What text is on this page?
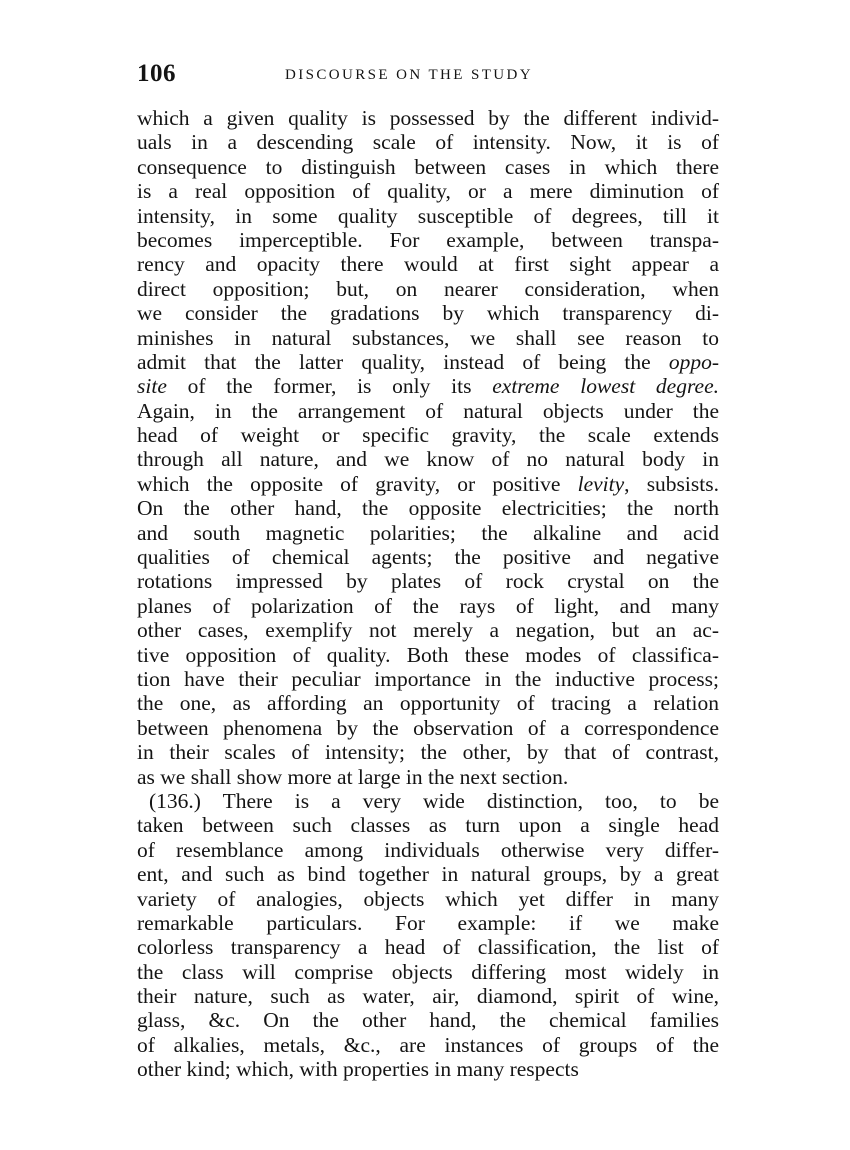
106	DISCOURSE ON THE STUDY
which a given quality is possessed by the different individ-
uals in a descending scale of intensity. Now, it is of
consequence to distinguish between cases in which there
is a real opposition of quality, or a mere diminution of
intensity, in some quality susceptible of degrees, till it
becomes imperceptible. For example, between transpa-
rency and opacity there would at first sight appear a
direct opposition; but, on nearer consideration, when
we consider the gradations by which transparency di-
minishes in natural substances, we shall see reason to
admit that the latter quality, instead of being the oppo-
site of the former, is only its extreme lowest degree.
Again, in the arrangement of natural objects under the
head of weight or specific gravity, the scale extends
through all nature, and we know of no natural body in
which the opposite of gravity, or positive levity, subsists.
On the other hand, the opposite electricities; the north
and south magnetic polarities; the alkaline and acid
qualities of chemical agents; the positive and negative
rotations impressed by plates of rock crystal on the
planes of polarization of the rays of light, and many
other cases, exemplify not merely a negation, but an ac-
tive opposition of quality. Both these modes of classifica-
tion have their peculiar importance in the inductive process;
the one, as affording an opportunity of tracing a relation
between phenomena by the observation of a correspondence
in their scales of intensity; the other, by that of contrast,
as we shall show more at large in the next section.
(136.) There is a very wide distinction, too, to be
taken between such classes as turn upon a single head
of resemblance among individuals otherwise very differ-
ent, and such as bind together in natural groups, by a great
variety of analogies, objects which yet differ in many
remarkable particulars. For example: if we make
colorless transparency a head of classification, the list of
the class will comprise objects differing most widely in
their nature, such as water, air, diamond, spirit of wine,
glass, &c. On the other hand, the chemical families
of alkalies, metals, &c., are instances of groups of the
other kind; which, with properties in many respects
